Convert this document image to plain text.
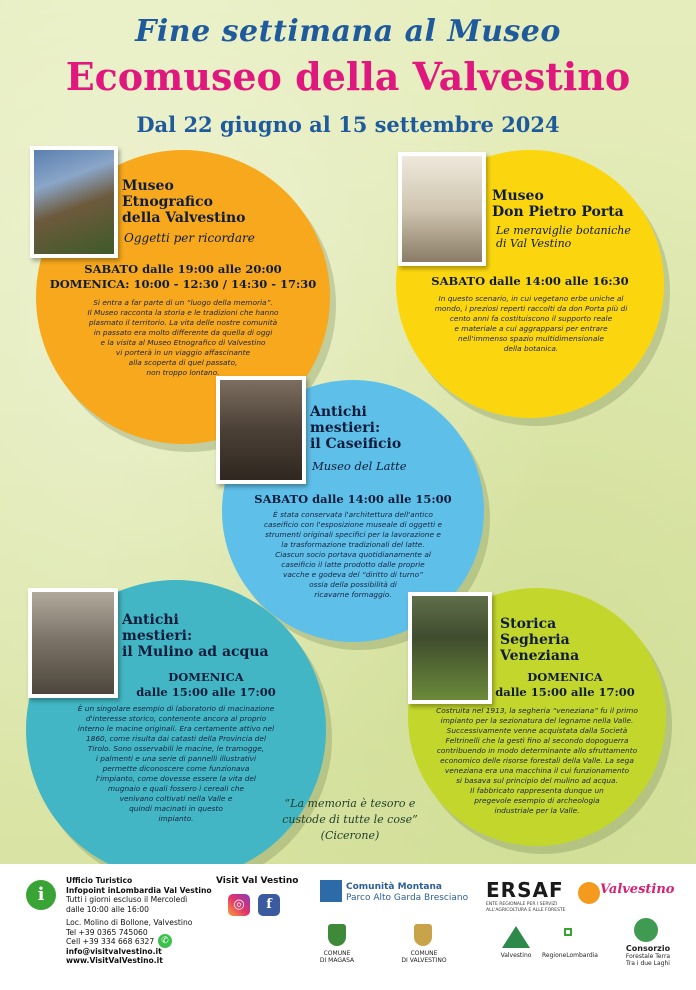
Fine settimana al Museo
Ecomuseo della Valvestino
Dal 22 giugno al 15 settembre 2024
Museo
Etnografico
della Valvestino
Oggetti per ricordare
SABATO dalle 19:00 alle 20:00
DOMENICA: 10:00 - 12:30 / 14:30 - 17:30
Si entra a far parte di un “luogo della memoria”.
Il Museo racconta la storia e le tradizioni che hanno
plasmato il territorio. La vita delle nostre comunità
in passato era molto differente da quella di oggi
e la visita al Museo Etnografico di Valvestino
vi porterà in un viaggio affascinante
alla scoperta di quel passato,
non troppo lontano.
Museo
Don Pietro Porta
Le meraviglie botaniche
di Val Vestino
SABATO dalle 14:00 alle 16:30
In questo scenario, in cui vegetano erbe uniche al
mondo, i preziosi reperti raccolti da don Porta più di
cento anni fa costituiscono il supporto reale
e materiale a cui aggrapparsi per entrare
nell'immenso spazio multidimensionale
della botanica.
Antichi
mestieri:
il Caseificio
Museo del Latte
SABATO dalle 14:00 alle 15:00
È stata conservata l'architettura dell'antico
caseificio con l'esposizione museale di oggetti e
strumenti originali specifici per la lavorazione e
la trasformazione tradizionali del latte.
Ciascun socio portava quotidianamente al
caseificio il latte prodotto dalle proprie
vacche e godeva del “diritto di turno”
ossia della possibilità di
ricavarne formaggio.
Antichi
mestieri:
il Mulino ad acqua
DOMENICA
dalle 15:00 alle 17:00
È un singolare esempio di laboratorio di macinazione
d'interesse storico, contenente ancora al proprio
interno le macine originali. Era certamente attivo nel
1860, come risulta dai catasti della Provincia del
Tirolo. Sono osservabili le macine, le tramogge,
i palmenti e una serie di pannelli illustrativi
permette diconoscere come funzionava
l'impianto, come dovesse essere la vita del
mugnaio e quali fossero i cereali che
venivano coltivati nella Valle e
quindi macinati in questo
impianto.
Storica
Segheria
Veneziana
DOMENICA
dalle 15:00 alle 17:00
Costruita nel 1913, la segheria “veneziana” fu il primo
impianto per la sezionatura del legname nella Valle.
Successivamente venne acquistata dalla Società
Feltrinelli che la gestì fino al secondo dopoguerra
contribuendo in modo determinante allo sfruttamento
economico delle risorse forestali della Valle. La sega
veneziana era una macchina il cui funzionamento
si basava sul principio del mulino ad acqua.
Il fabbricato rappresenta dunque un
pregevole esempio di archeologia
industriale per la Valle.
“La memoria è tesoro e
custode di tutte le cose”
(Cicerone)
i
Ufficio Turistico
Infopoint inLombardia Val Vestino
Tutti i giorni escluso il Mercoledì
dalle 10:00 alle 16:00
Loc. Molino di Bollone, Valvestino
Tel +39 0365 745060
Cell +39 334 668 6327
info@visitvalvestino.it
www.VisitValVestino.it
✆
Visit Val Vestino
◎	f
Comunità Montana
Parco Alto Garda Bresciano ERSAF
ENTE REGIONALE PER I SERVIZI ALL'AGRICOLTURA E ALLE FORESTE
Valvestino
COMUNE
DI MAGASA
COMUNE
DI VALVESTINO
Valvestino	RegioneLombardia
Consorzio
Forestale Terra
Tra i due Laghi
